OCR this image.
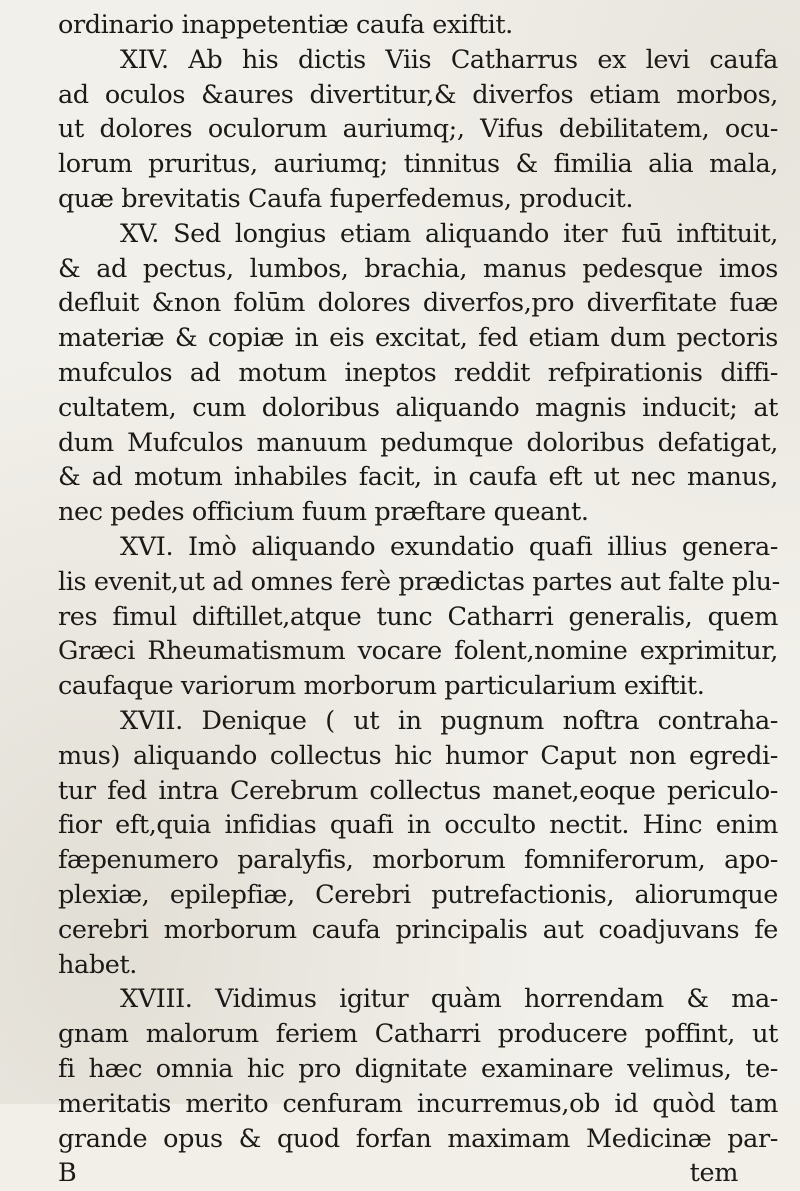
ordinario inappetentiæ caufa exiftit.
XIV. Ab his dictis Viis Catharrus ex levi caufa
ad oculos &aures divertitur,& diverfos etiam morbos,
ut dolores oculorum auriumq;, Vifus debilitatem, ocu-
lorum pruritus, auriumq; tinnitus & fimilia alia mala,
quæ brevitatis Caufa fuperfedemus, producit.
XV. Sed longius etiam aliquando iter fuū inftituit,
& ad pectus, lumbos, brachia, manus pedesque imos
defluit &non folūm dolores diverfos,pro diverfitate fuæ
materiæ & copiæ in eis excitat, fed etiam dum pectoris
mufculos ad motum ineptos reddit refpirationis diffi-
cultatem, cum doloribus aliquando magnis inducit; at
dum Mufculos manuum pedumque doloribus defatigat,
& ad motum inhabiles facit, in caufa eft ut nec manus,
nec pedes officium fuum præftare queant.
XVI. Imò aliquando exundatio quafi illius genera-
lis evenit,ut ad omnes ferè prædictas partes aut falte plu-
res fimul diftillet,atque tunc Catharri generalis, quem
Græci Rheumatismum vocare folent,nomine exprimitur,
caufaque variorum morborum particularium exiftit.
XVII. Denique ( ut in pugnum noftra contraha-
mus) aliquando collectus hic humor Caput non egredi-
tur fed intra Cerebrum collectus manet,eoque periculo-
fior eft,quia infidias quafi in occulto nectit. Hinc enim
fæpenumero paralyfis, morborum fomniferorum, apo-
plexiæ, epilepfiæ, Cerebri putrefactionis, aliorumque
cerebri morborum caufa principalis aut coadjuvans fe
habet.
XVIII. Vidimus igitur quàm horrendam & ma-
gnam malorum feriem Catharri producere poffint, ut
fi hæc omnia hic pro dignitate examinare velimus, te-
meritatis merito cenfuram incurremus,ob id quòd tam
grande opus & quod forfan maximam Medicinæ par-
B	tem
